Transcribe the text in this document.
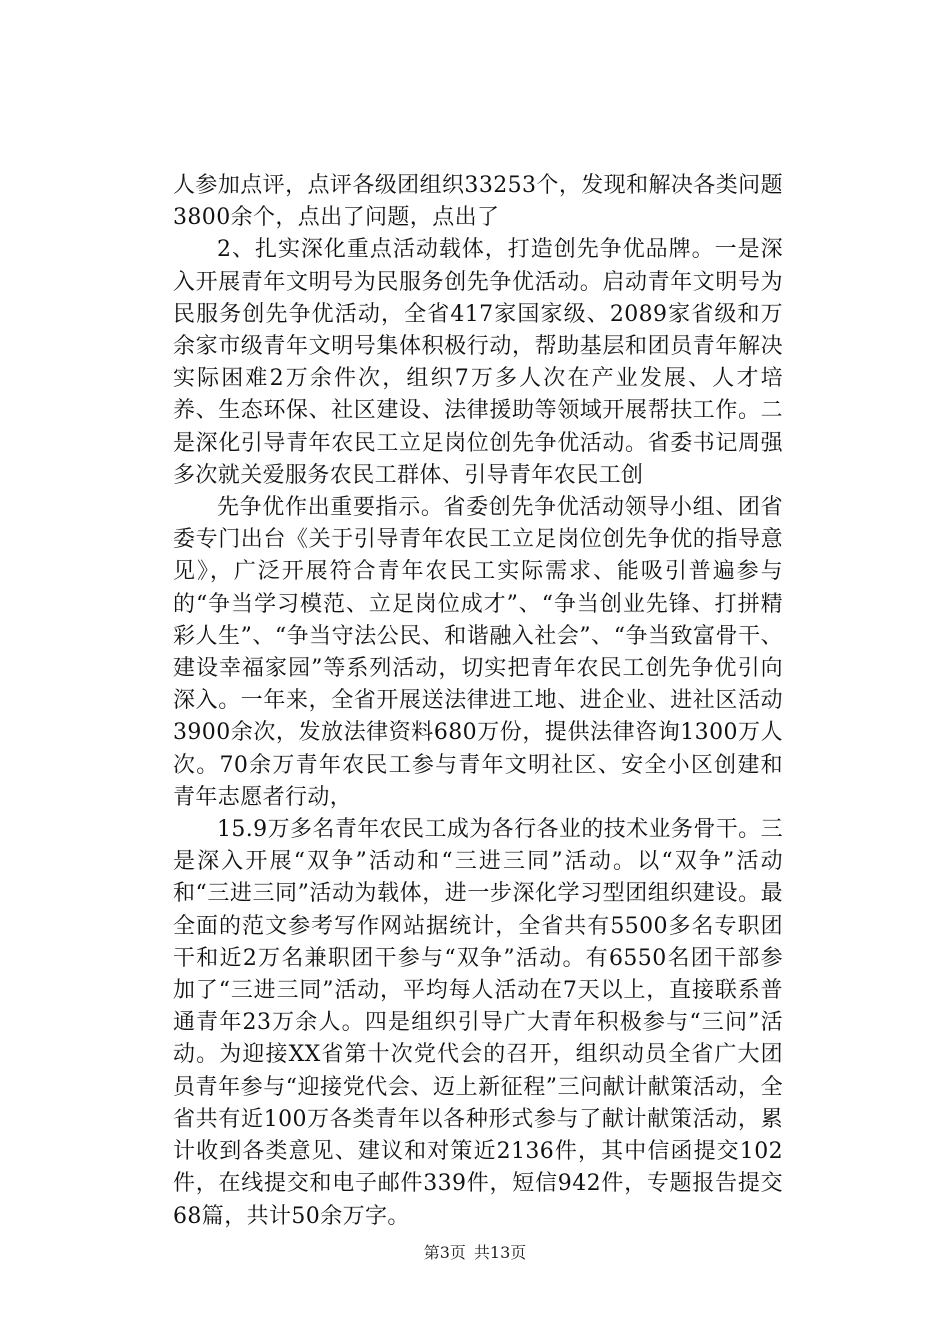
人参加点评，点评各级团组织33253个，发现和解决各类问题3800余个，点出了问题，点出了

2、扎实深化重点活动载体，打造创先争优品牌。一是深入开展青年文明号为民服务创先争优活动。启动青年文明号为民服务创先争优活动，全省417家国家级、2089家省级和万余家市级青年文明号集体积极行动，帮助基层和团员青年解决实际困难2万余件次，组织7万多人次在产业发展、人才培养、生态环保、社区建设、法律援助等领域开展帮扶工作。二是深化引导青年农民工立足岗位创先争优活动。省委书记周强多次就关爱服务农民工群体、引导青年农民工创

先争优作出重要指示。省委创先争优活动领导小组、团省委专门出台《关于引导青年农民工立足岗位创先争优的指导意见》，广泛开展符合青年农民工实际需求、能吸引普遍参与的“争当学习模范、立足岗位成才”、“争当创业先锋、打拼精彩人生”、“争当守法公民、和谐融入社会”、“争当致富骨干、建设幸福家园”等系列活动，切实把青年农民工创先争优引向深入。一年来，全省开展送法律进工地、进企业、进社区活动3900余次，发放法律资料680万份，提供法律咨询1300万人次。70余万青年农民工参与青年文明社区、安全小区创建和青年志愿者行动，

15.9万多名青年农民工成为各行各业的技术业务骨干。三是深入开展“双争”活动和“三进三同”活动。以“双争”活动和“三进三同”活动为载体，进一步深化学习型团组织建设。最全面的范文参考写作网站据统计，全省共有5500多名专职团干和近2万名兼职团干参与“双争”活动。有6550名团干部参加了“三进三同”活动，平均每人活动在7天以上，直接联系普通青年23万余人。四是组织引导广大青年积极参与“三问”活动。为迎接XX省第十次党代会的召开，组织动员全省广大团员青年参与“迎接党代会、迈上新征程”三问献计献策活动，全省共有近100万各类青年以各种形式参与了献计献策活动，累计收到各类意见、建议和对策近2136件，其中信函提交102件，在线提交和电子邮件339件，短信942件，专题报告提交68篇，共计50余万字。

第3页 共13页
